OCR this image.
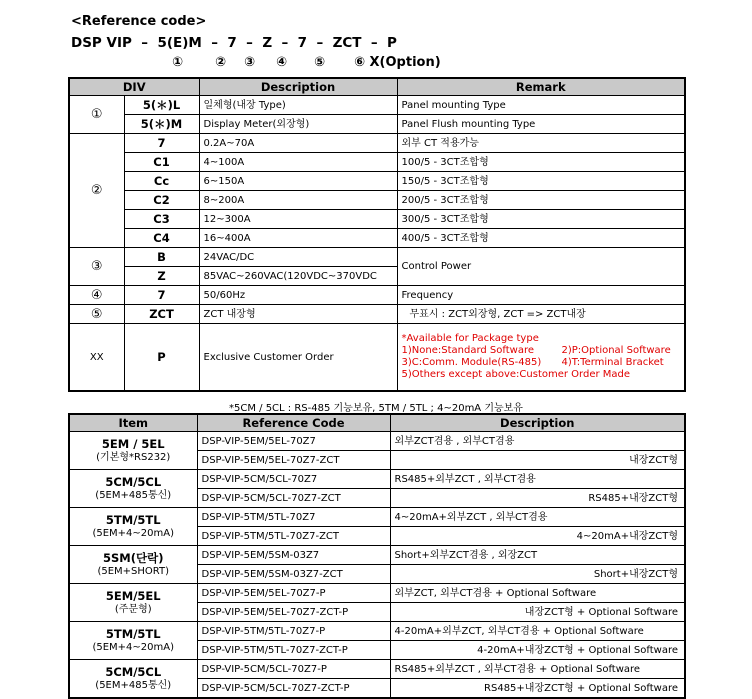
<Reference code>
DSP VIP  –  5(E)M  –  7  –  Z  –  7  –  ZCT  –  P
① ② ③ ④ ⑤ ⑥ X(Option)
DIV		Description	Remark
①	5(＊)L	일체형(내장 Type)	Panel mounting Type
	5(＊)M	Display Meter(외장형)	Panel Flush mounting Type
②	7	0.2A~70A	외부 CT 적용가능
	C1	4~100A	100/5 - 3CT조합형
	Cc	6~150A	150/5 - 3CT조합형
	C2	8~200A	200/5 - 3CT조합형
	C3	12~300A	300/5 - 3CT조합형
	C4	16~400A	400/5 - 3CT조합형
③	B	24VAC/DC	Control Power
	Z	85VAC~260VAC(120VDC~370VDC	
④	7	50/60Hz	Frequency
⑤	ZCT	ZCT 내장형	무표시 : ZCT외장형, ZCT => ZCT내장
XX	P	Exclusive Customer Order	*Available for Package type
1)None:Standard Software 2)P:Optional Software
3)C:Comm. Module(RS-485) 4)T:Terminal Bracket
5)Others except above:Customer Order Made
*5CM / 5CL : RS-485 기능보유, 5TM / 5TL ; 4~20mA 기능보유
Item	Reference Code	Description

5EM / 5EL
(기본형*RS232)	DSP-VIP-5EM/5EL-70Z7	외부ZCT겸용 , 외부CT겸용
	DSP-VIP-5EM/5EL-70Z7-ZCT	내장ZCT형

5CM/5CL
(5EM+485통신)	DSP-VIP-5CM/5CL-70Z7	RS485+외부ZCT , 외부CT겸용
	DSP-VIP-5CM/5CL-70Z7-ZCT	RS485+내장ZCT형

5TM/5TL
(5EM+4~20mA)	DSP-VIP-5TM/5TL-70Z7	4~20mA+외부ZCT , 외부CT겸용
	DSP-VIP-5TM/5TL-70Z7-ZCT	4~20mA+내장ZCT형

5SM(단락)
(5EM+SHORT)	DSP-VIP-5EM/5SM-03Z7	Short+외부ZCT겸용 , 외장ZCT
	DSP-VIP-5EM/5SM-03Z7-ZCT	Short+내장ZCT형

5EM/5EL
(주문형)	DSP-VIP-5EM/5EL-70Z7-P	외부ZCT, 외부CT겸용 + Optional Software
	DSP-VIP-5EM/5EL-70Z7-ZCT-P	내장ZCT형 + Optional Software

5TM/5TL
(5EM+4~20mA)	DSP-VIP-5TM/5TL-70Z7-P	4-20mA+외부ZCT, 외부CT겸용 + Optional Software
	DSP-VIP-5TM/5TL-70Z7-ZCT-P	4-20mA+내장ZCT형 + Optional Software

5CM/5CL
(5EM+485통신)	DSP-VIP-5CM/5CL-70Z7-P	RS485+외부ZCT , 외부CT겸용 + Optional Software
	DSP-VIP-5CM/5CL-70Z7-ZCT-P	RS485+내장ZCT형 + Optional Software
